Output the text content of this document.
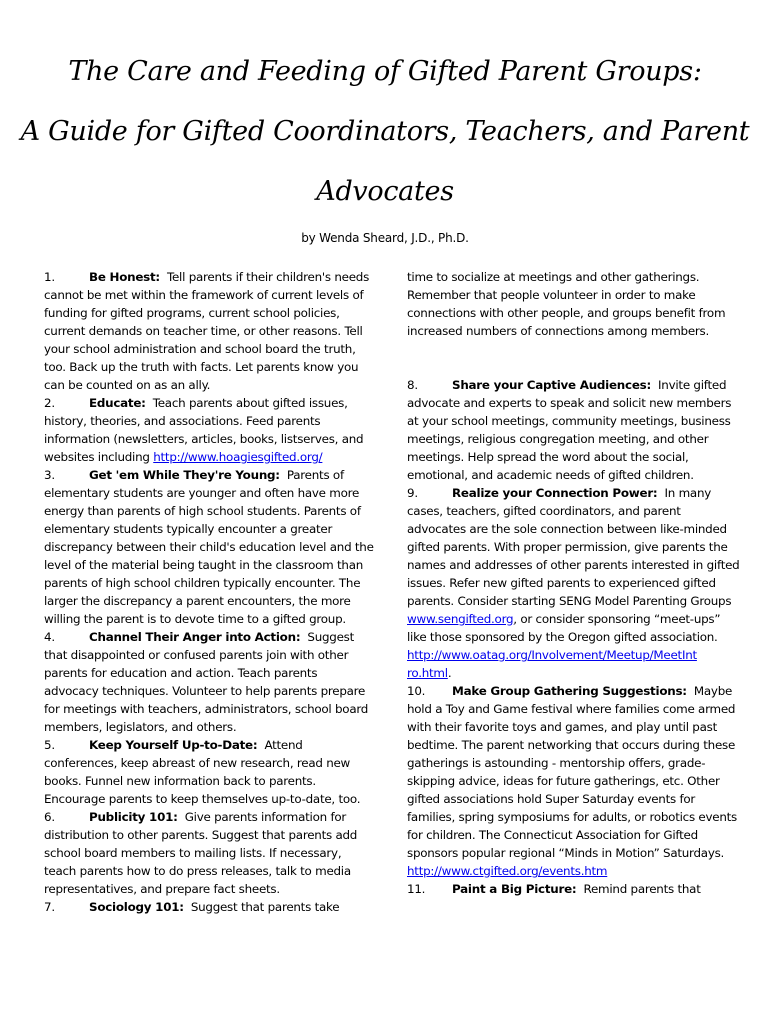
The Care and Feeding of Gifted Parent Groups:
A Guide for Gifted Coordinators, Teachers, and Parent
Advocates
by Wenda Sheard, J.D., Ph.D.

1.	Be Honest: Tell parents if their children's needs cannot be met within the framework of current levels of funding for gifted programs, current school policies, current demands on teacher time, or other reasons. Tell your school administration and school board the truth, too. Back up the truth with facts. Let parents know you can be counted on as an ally.

2.	Educate: Teach parents about gifted issues, history, theories, and associations. Feed parents information (newsletters, articles, books, listserves, and websites including http://www.hoagiesgifted.org/

3.	Get 'em While They're Young: Parents of elementary students are younger and often have more energy than parents of high school students. Parents of elementary students typically encounter a greater discrepancy between their child's education level and the level of the material being taught in the classroom than parents of high school children typically encounter. The larger the discrepancy a parent encounters, the more willing the parent is to devote time to a gifted group.

4.	Channel Their Anger into Action: Suggest that disappointed or confused parents join with other parents for education and action. Teach parents advocacy techniques. Volunteer to help parents prepare for meetings with teachers, administrators, school board members, legislators, and others.

5.	Keep Yourself Up-to-Date: Attend conferences, keep abreast of new research, read new books. Funnel new information back to parents. Encourage parents to keep themselves up-to-date, too.

6.	Publicity 101: Give parents information for distribution to other parents. Suggest that parents add school board members to mailing lists. If necessary, teach parents how to do press releases, talk to media representatives, and prepare fact sheets.

7.	Sociology 101: Suggest that parents take

time to socialize at meetings and other gatherings. Remember that people volunteer in order to make connections with other people, and groups benefit from increased numbers of connections among members.

8.	Share your Captive Audiences: Invite gifted advocate and experts to speak and solicit new members at your school meetings, community meetings, business meetings, religious congregation meeting, and other meetings. Help spread the word about the social, emotional, and academic needs of gifted children.

9.	Realize your Connection Power: In many cases, teachers, gifted coordinators, and parent advocates are the sole connection between like-minded gifted parents. With proper permission, give parents the names and addresses of other parents interested in gifted issues. Refer new gifted parents to experienced gifted parents. Consider starting SENG Model Parenting Groups www.sengifted.org, or consider sponsoring “meet-ups” like those sponsored by the Oregon gifted association. http://www.oatag.org/Involvement/Meetup/MeetInt
ro.html.

10. Make Group Gathering Suggestions: Maybe hold a Toy and Game festival where families come armed with their favorite toys and games, and play until past bedtime. The parent networking that occurs during these gatherings is astounding - mentorship offers, grade-skipping advice, ideas for future gatherings, etc. Other gifted associations hold Super Saturday events for families, spring symposiums for adults, or robotics events for children. The Connecticut Association for Gifted sponsors popular regional “Minds in Motion” Saturdays. http://www.ctgifted.org/events.htm

11. Paint a Big Picture: Remind parents that
